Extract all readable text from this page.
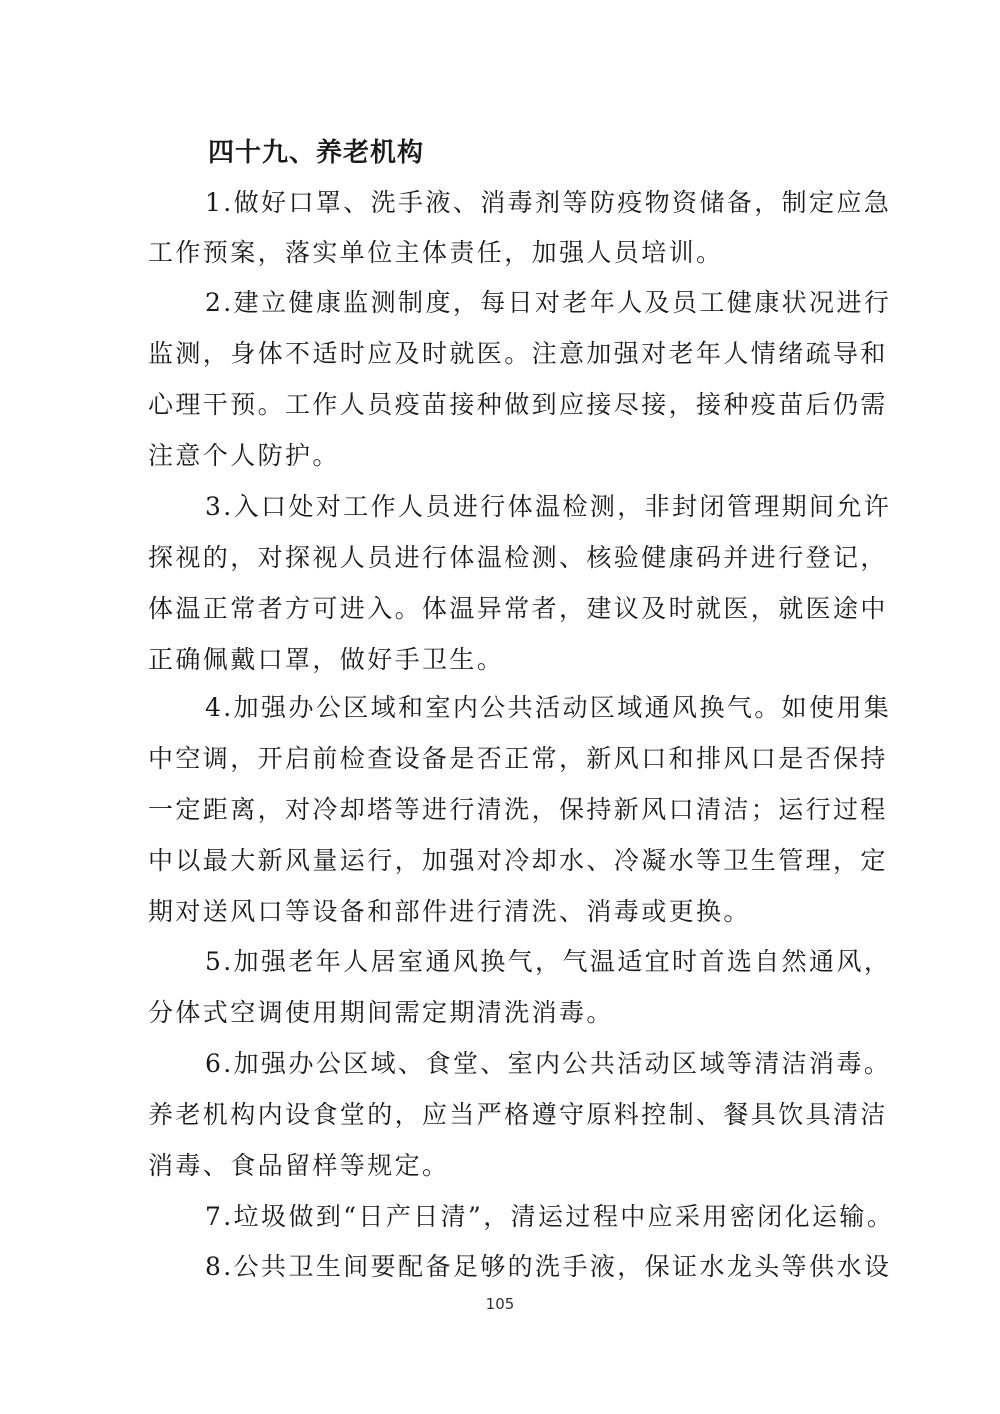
四十九、养老机构
1.做好口罩、洗手液、消毒剂等防疫物资储备，制定应急
工作预案，落实单位主体责任，加强人员培训。
2.建立健康监测制度，每日对老年人及员工健康状况进行
监测，身体不适时应及时就医。注意加强对老年人情绪疏导和
心理干预。工作人员疫苗接种做到应接尽接，接种疫苗后仍需
注意个人防护。
3.入口处对工作人员进行体温检测，非封闭管理期间允许
探视的，对探视人员进行体温检测、核验健康码并进行登记，
体温正常者方可进入。体温异常者，建议及时就医，就医途中
正确佩戴口罩，做好手卫生。
4.加强办公区域和室内公共活动区域通风换气。如使用集
中空调，开启前检查设备是否正常，新风口和排风口是否保持
一定距离，对冷却塔等进行清洗，保持新风口清洁；运行过程
中以最大新风量运行，加强对冷却水、冷凝水等卫生管理，定
期对送风口等设备和部件进行清洗、消毒或更换。
5.加强老年人居室通风换气，气温适宜时首选自然通风，
分体式空调使用期间需定期清洗消毒。
6.加强办公区域、食堂、室内公共活动区域等清洁消毒。
养老机构内设食堂的，应当严格遵守原料控制、餐具饮具清洁
消毒、食品留样等规定。
7.垃圾做到“日产日清”，清运过程中应采用密闭化运输。
8.公共卫生间要配备足够的洗手液，保证水龙头等供水设
105
